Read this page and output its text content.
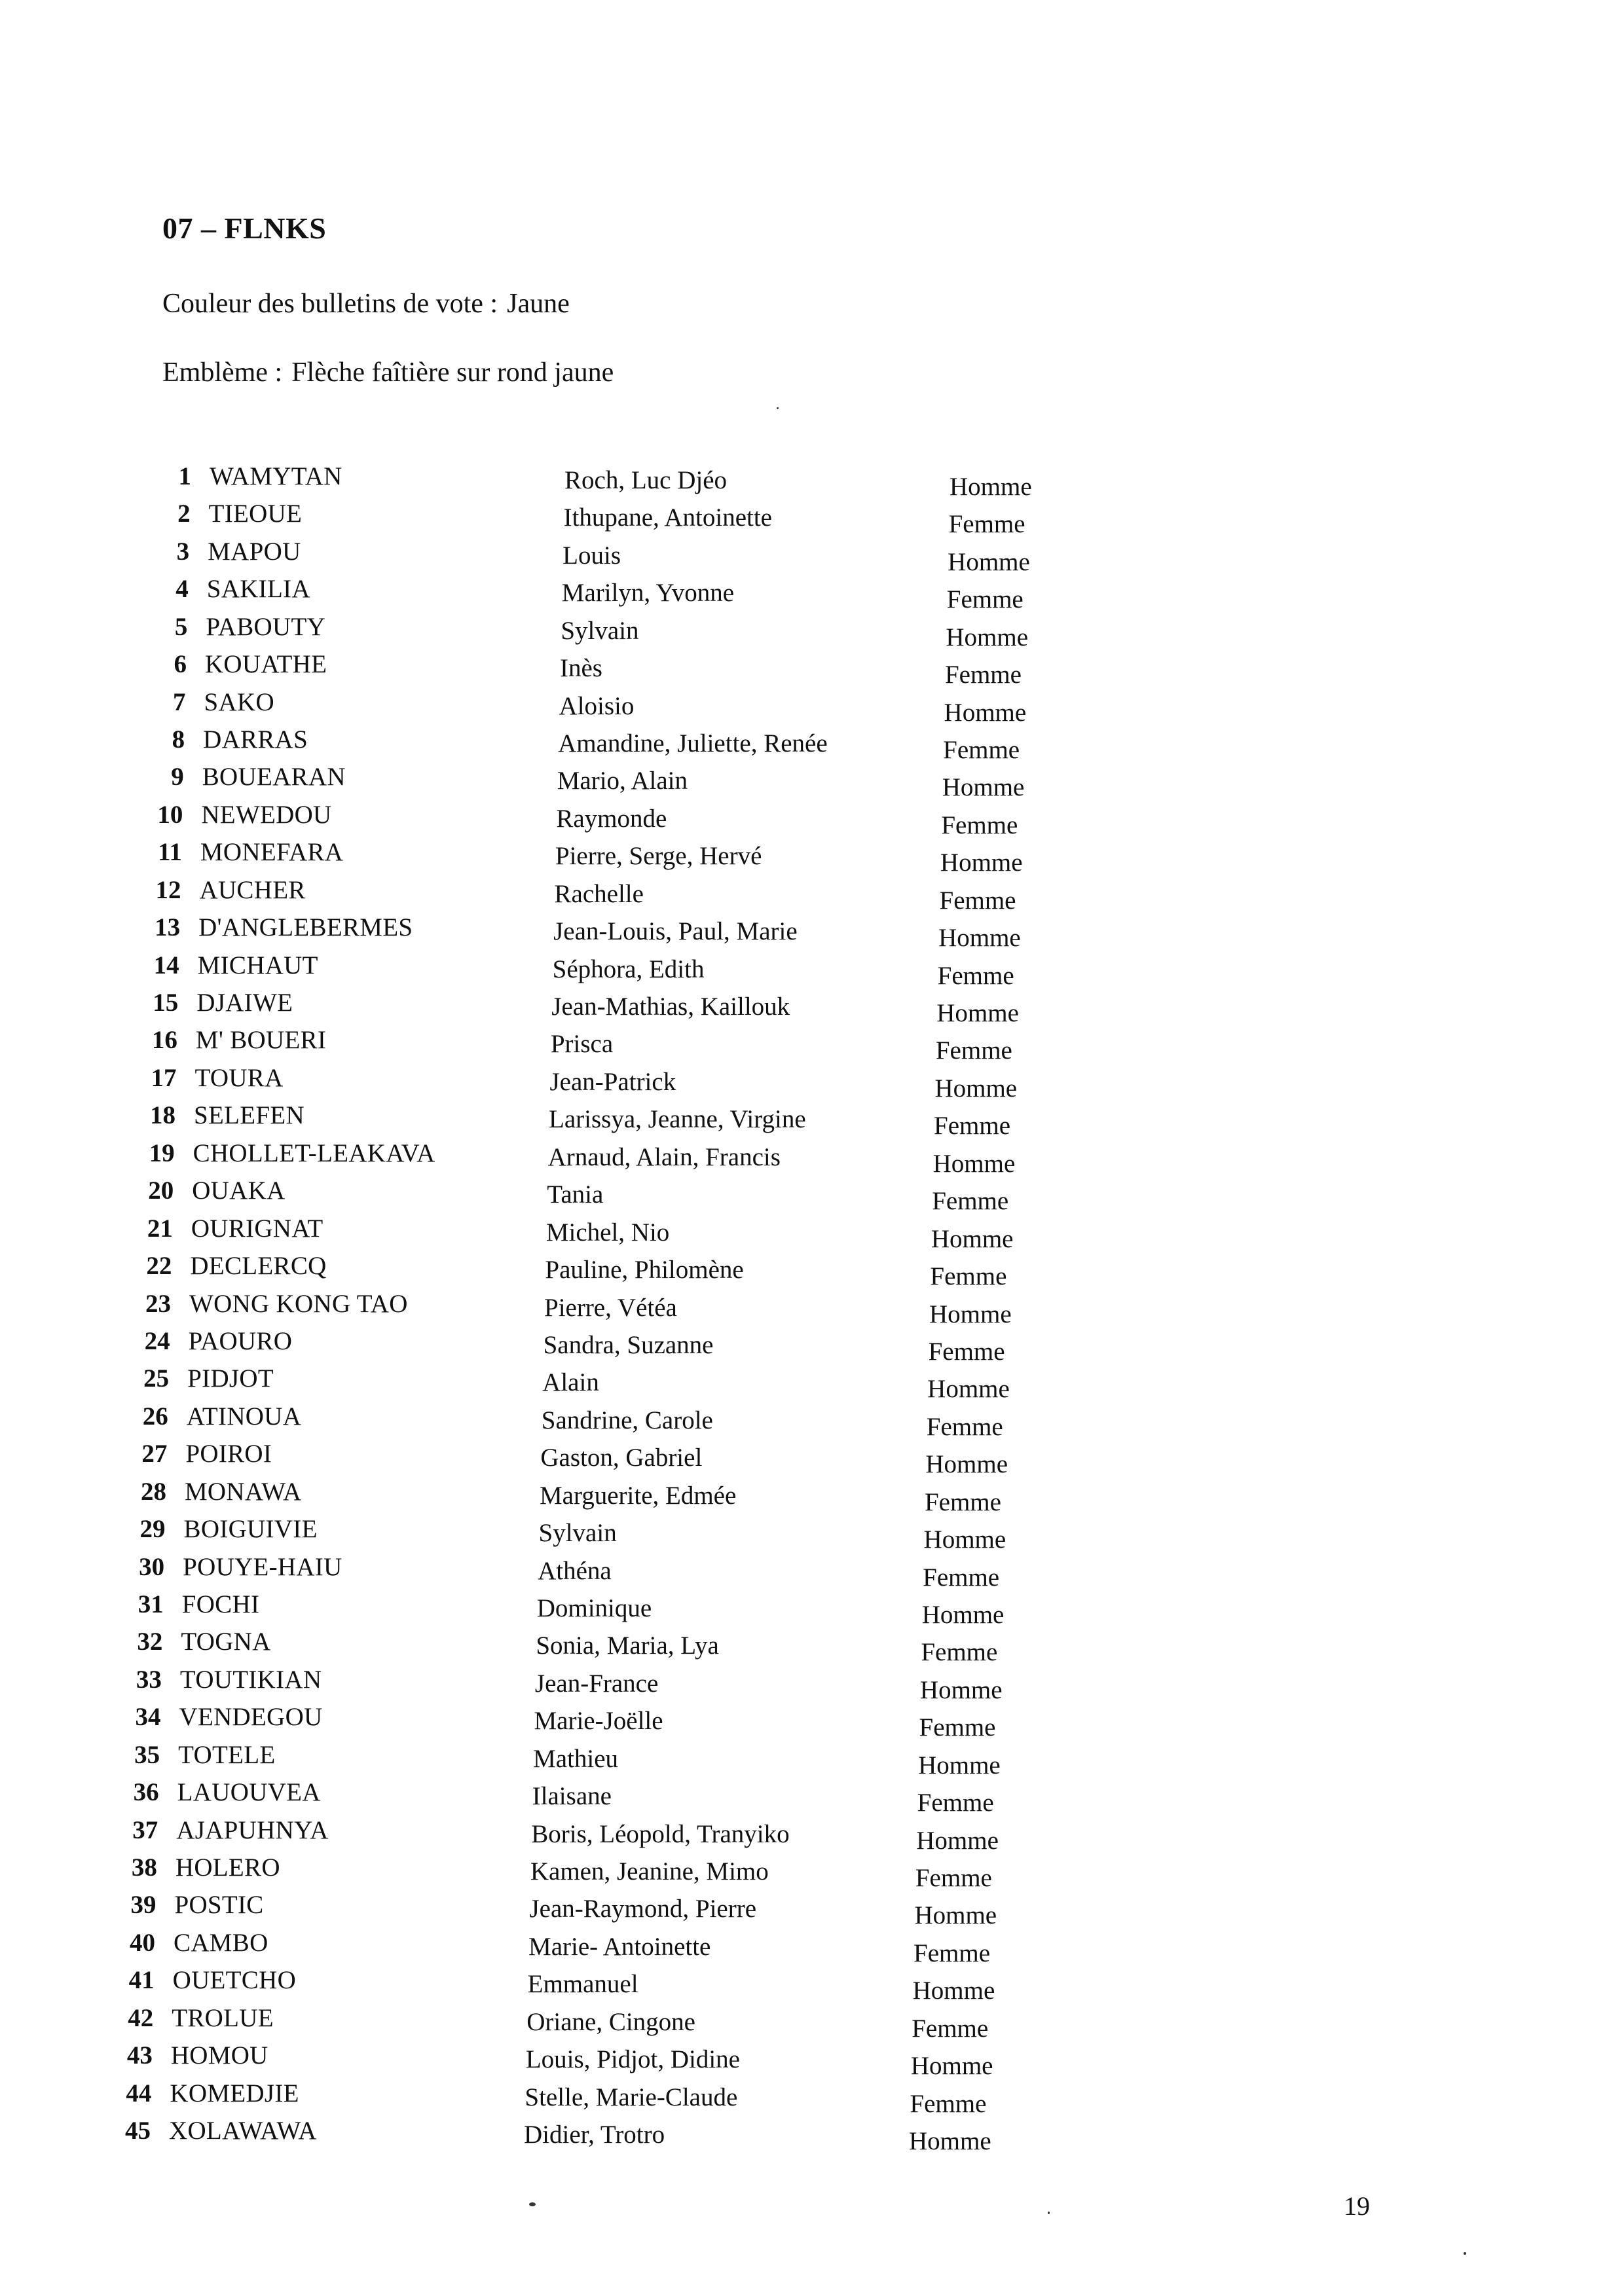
07 – FLNKS
Couleur des bulletins de vote : Jaune
Emblème : Flèche faîtière sur rond jaune
1 WAMYTAN	Roch, Luc Djéo	Homme
2 TIEOUE	Ithupane, Antoinette	Femme
3 MAPOU	Louis	Homme
4 SAKILIA	Marilyn, Yvonne	Femme
5 PABOUTY	Sylvain	Homme
6 KOUATHE	Inès	Femme
7 SAKO	Aloisio	Homme
8 DARRAS	Amandine, Juliette, Renée	Femme
9 BOUEARAN	Mario, Alain	Homme
10 NEWEDOU	Raymonde	Femme
11 MONEFARA	Pierre, Serge, Hervé	Homme
12 AUCHER	Rachelle	Femme
13 D'ANGLEBERMES	Jean-Louis, Paul, Marie	Homme
14 MICHAUT	Séphora, Edith	Femme
15 DJAIWE	Jean-Mathias, Kaillouk	Homme
16 M' BOUERI	Prisca	Femme
17 TOURA	Jean-Patrick	Homme
18 SELEFEN	Larissya, Jeanne, Virgine	Femme
19 CHOLLET-LEAKAVA	Arnaud, Alain, Francis	Homme
20 OUAKA	Tania	Femme
21 OURIGNAT	Michel, Nio	Homme
22 DECLERCQ	Pauline, Philomène	Femme
23 WONG KONG TAO	Pierre, Vétéa	Homme
24 PAOURO	Sandra, Suzanne	Femme
25 PIDJOT	Alain	Homme
26 ATINOUA	Sandrine, Carole	Femme
27 POIROI	Gaston, Gabriel	Homme
28 MONAWA	Marguerite, Edmée	Femme
29 BOIGUIVIE	Sylvain	Homme
30 POUYE-HAIU	Athéna	Femme
31 FOCHI	Dominique	Homme
32 TOGNA	Sonia, Maria, Lya	Femme
33 TOUTIKIAN	Jean-France	Homme
34 VENDEGOU	Marie-Joëlle	Femme
35 TOTELE	Mathieu	Homme
36 LAUOUVEA	Ilaisane	Femme
37 AJAPUHNYA	Boris, Léopold, Tranyiko	Homme
38 HOLERO	Kamen, Jeanine, Mimo	Femme
39 POSTIC	Jean-Raymond, Pierre	Homme
40 CAMBO	Marie- Antoinette	Femme
41 OUETCHO	Emmanuel	Homme
42 TROLUE	Oriane, Cingone	Femme
43 HOMOU	Louis, Pidjot, Didine	Homme
44 KOMEDJIE	Stelle, Marie-Claude	Femme
45 XOLAWAWA	Didier, Trotro	Homme
19
